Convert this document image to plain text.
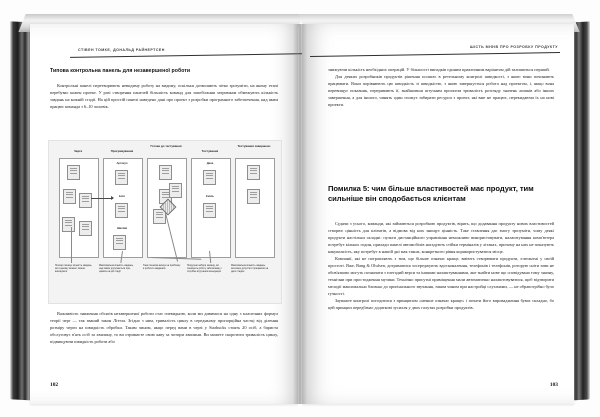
СТІВЕН ТОМКЕ, ДОНАЛЬД РАЙНЕРТСЕН
Типова контрольна панель для незавершеної роботи
Контрольні панелі перетворюють невидиму роботу на видиму, оскільки дозволяють чітко зрозуміти, на якому етапі перебуває кожен проект. У разі створення панелей більшість команд для запобігання затримкам обмежують кількість завдань на кожній стадії. На цій простій панелі наведено дані про проект з розробки програмного забезпечення, над яким працює команда з 6–10 чоловік.
Черга	Програмування
Готове до тестування
Тестування
Тестування завершено
Артикул
Білл
Шаліма
Дана
Еміль
Позиція показує кількість завдань, які в даному момент можна виконувати
Максимальна кількість завдань, над якими допускається працювати на цій стадії
Така позначка вказує на проблему в робочих завданнях
Покручені набори команд, які показують роботу заблоковану, і потрібне втручання менеджера
Максимальна кількість завдань, яка може допустити працювати на двох стадіях
Важливість зниження обсягів незавершеної роботи стає очевидною, коли ми дивимося на одну з класичних формул теорії черг — так званий закон Літтла. Згідно з ним, тривалість циклу в середньому пропорційна частці від ділення розміру черги на швидкість обробки. Таким чином, якщо перед вами в черзі у Starbucks стоять 20 осіб, а бариста обслуговує п'ять осіб за хвилину, то ви отримаєте свою каву за чотири хвилини. Ви можете скоротити тривалість циклу, підвищуючи швидкість роботи або
102
ШІСТЬ МІФІВ ПРО РОЗРОБКУ ПРОДУКТУ
знижуючи кількість необхідних операцій. У більшості випадків єдиним практичним варіантом дій залишиться перший.
Для деяких розробників продуктів рішення полягає в ретельному контролі швидкості, з якою вони починають працювати. Вони порівнюють цю швидкість зі швидкістю, з якою завершується робота над проектом, і, якщо вона перевищує показник, переривають її, знайшовши штучним проєктом тривалість розгляду значень лишків або інших завершення, а для іншого, чинять один спожує забирати ресурси з проект, які вже не працює, перекидаючи їх на нові проекти.
Помилка 5: чим більше властивостей має продукт, тим сильніше він сподобається клієнтам
Судячи з усього, команди, які займаються розробкою продуктів, вірять, що додавання продукту нових властивостей створює цінність для кліентів, а відмова від них знищує цінність. Таке ставлення дає змогу зрозуміти, чому деякі продукти настільки складні: пульти дистанційного управління неможливо використовувати, налаштування комп'ютера потребує кількох годин, прилади панелі автомобілів нагадують стійки терміналів у літаках, причому на них не показують какуколкість, яку потребує в нашій дні мак також, конкретного рівня корикористуватися місце.
Компанії, які не потрапляють з тим, що більше означає краще, вміють створювати продукти, елегантні у своїй простоті. Вже, Bang & Olufsen, дотриматися зосереджують вдосконалення, телефонів і телефонів, роторую сніти зови не обов'язково могуть позначати з елегадий верси та іншими налаштуваннями, ане знайти нове що сповідувана тому значну, технічни при простодження музики. Технічно присутні приміщення мали автоматично налаштовуватися, щоб відтворити мелодії максимально близько до оригінального звучання, таким чином при настройці слухачами, — не обрапотрібно було гучності.
Зауважте контролі погодитися з принципом «менше означає краще» і почати його впровадження буває складно, бо цей принцип передбачає додаткові зусилля у двох галузях розробки продуктів.
103
